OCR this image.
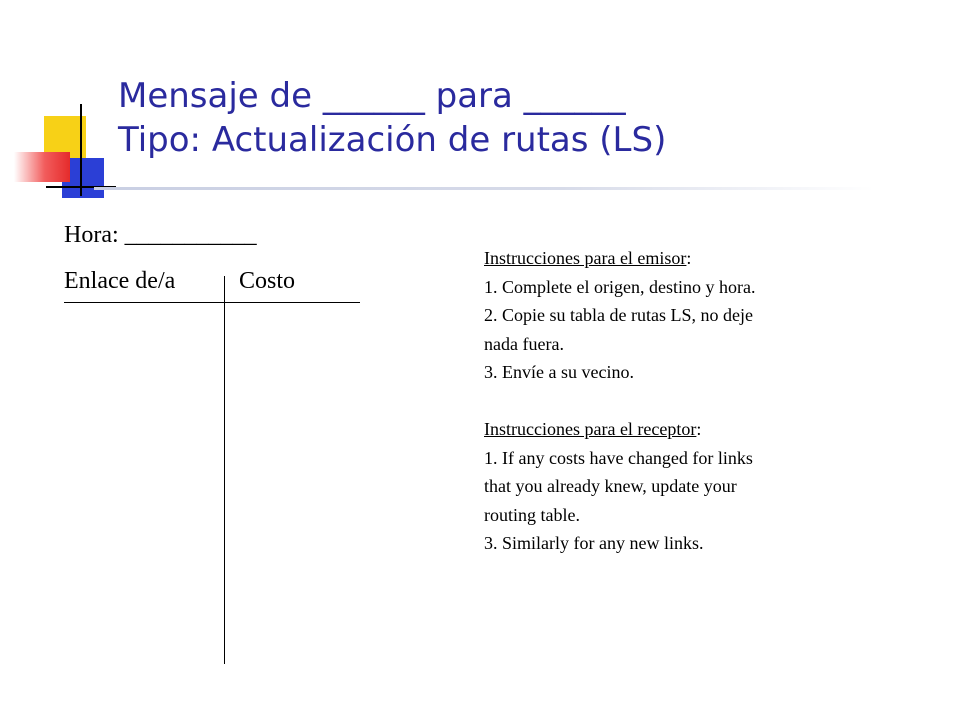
Mensaje de ______ para ______
Tipo: Actualización de rutas (LS)
Hora: ___________
Enlace de/a	Costo
Instrucciones para el emisor:
1. Complete el origen, destino y hora.
2. Copie su tabla de rutas LS, no deje
nada fuera.
3. Envíe a su vecino.
Instrucciones para el receptor:
1. If any costs have changed for links
that you already knew, update your
routing table.
3. Similarly for any new links.
